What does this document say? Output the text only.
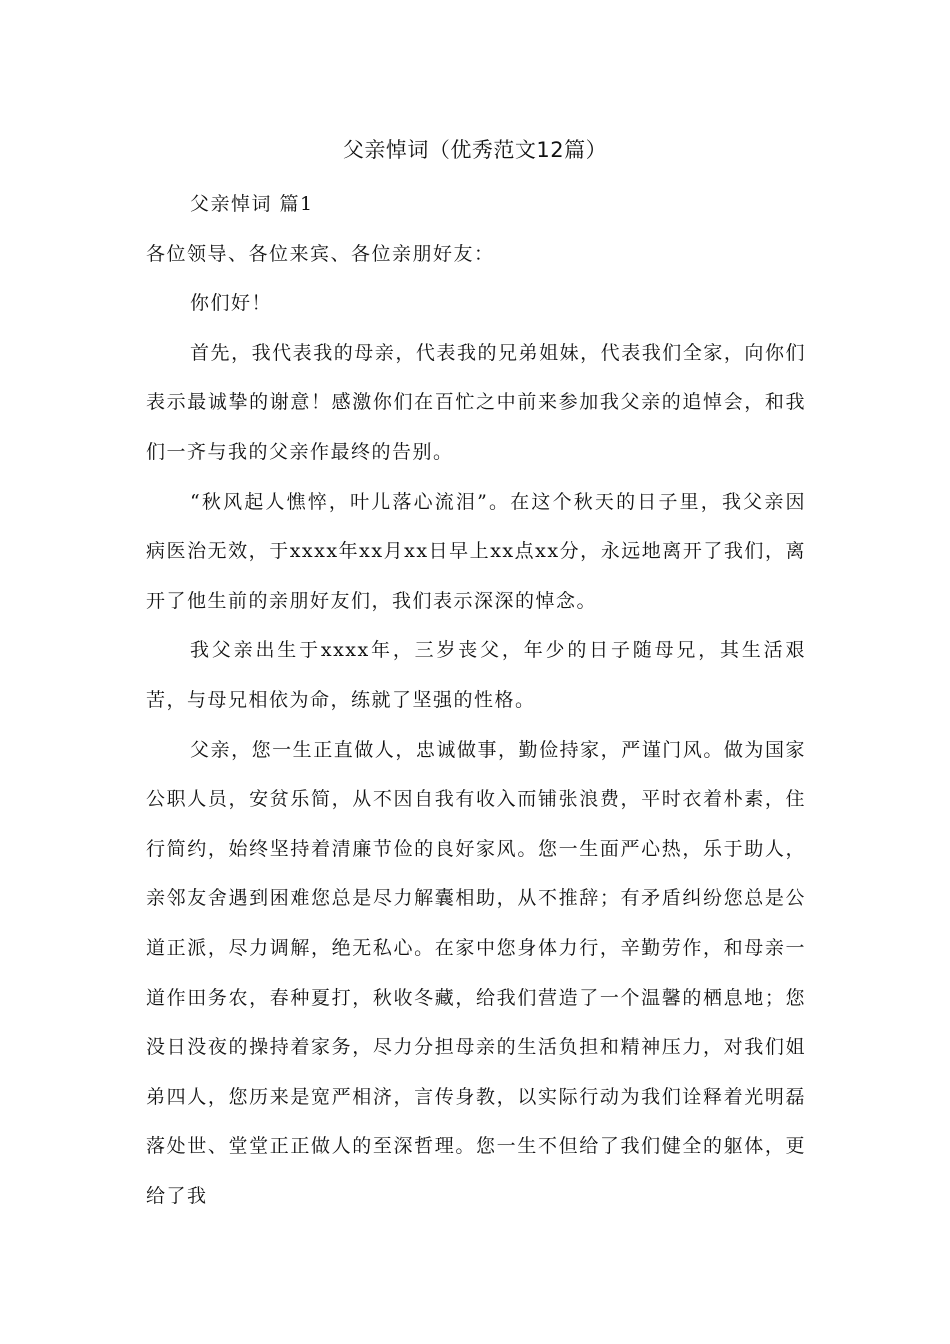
父亲悼词（优秀范文12篇）

父亲悼词 篇1

各位领导、各位来宾、各位亲朋好友：

你们好！

首先，我代表我的母亲，代表我的兄弟姐妹，代表我们全家，向你们表示最诚挚的谢意！感激你们在百忙之中前来参加我父亲的追悼会，和我们一齐与我的父亲作最终的告别。

“秋风起人憔悴，叶儿落心流泪”。在这个秋天的日子里，我父亲因病医治无效，于xxxx年xx月xx日早上xx点xx分，永远地离开了我们，离开了他生前的亲朋好友们，我们表示深深的悼念。

我父亲出生于xxxx年，三岁丧父，年少的日子随母兄，其生活艰苦，与母兄相依为命，练就了坚强的性格。

父亲，您一生正直做人，忠诚做事，勤俭持家，严谨门风。做为国家公职人员，安贫乐简，从不因自我有收入而铺张浪费，平时衣着朴素，住行简约，始终坚持着清廉节俭的良好家风。您一生面严心热，乐于助人，亲邻友舍遇到困难您总是尽力解囊相助，从不推辞；有矛盾纠纷您总是公道正派，尽力调解，绝无私心。在家中您身体力行，辛勤劳作，和母亲一道作田务农，春种夏打，秋收冬藏，给我们营造了一个温馨的栖息地；您没日没夜的操持着家务，尽力分担母亲的生活负担和精神压力，对我们姐弟四人，您历来是宽严相济，言传身教，以实际行动为我们诠释着光明磊落处世、堂堂正正做人的至深哲理。您一生不但给了我们健全的躯体，更给了我
